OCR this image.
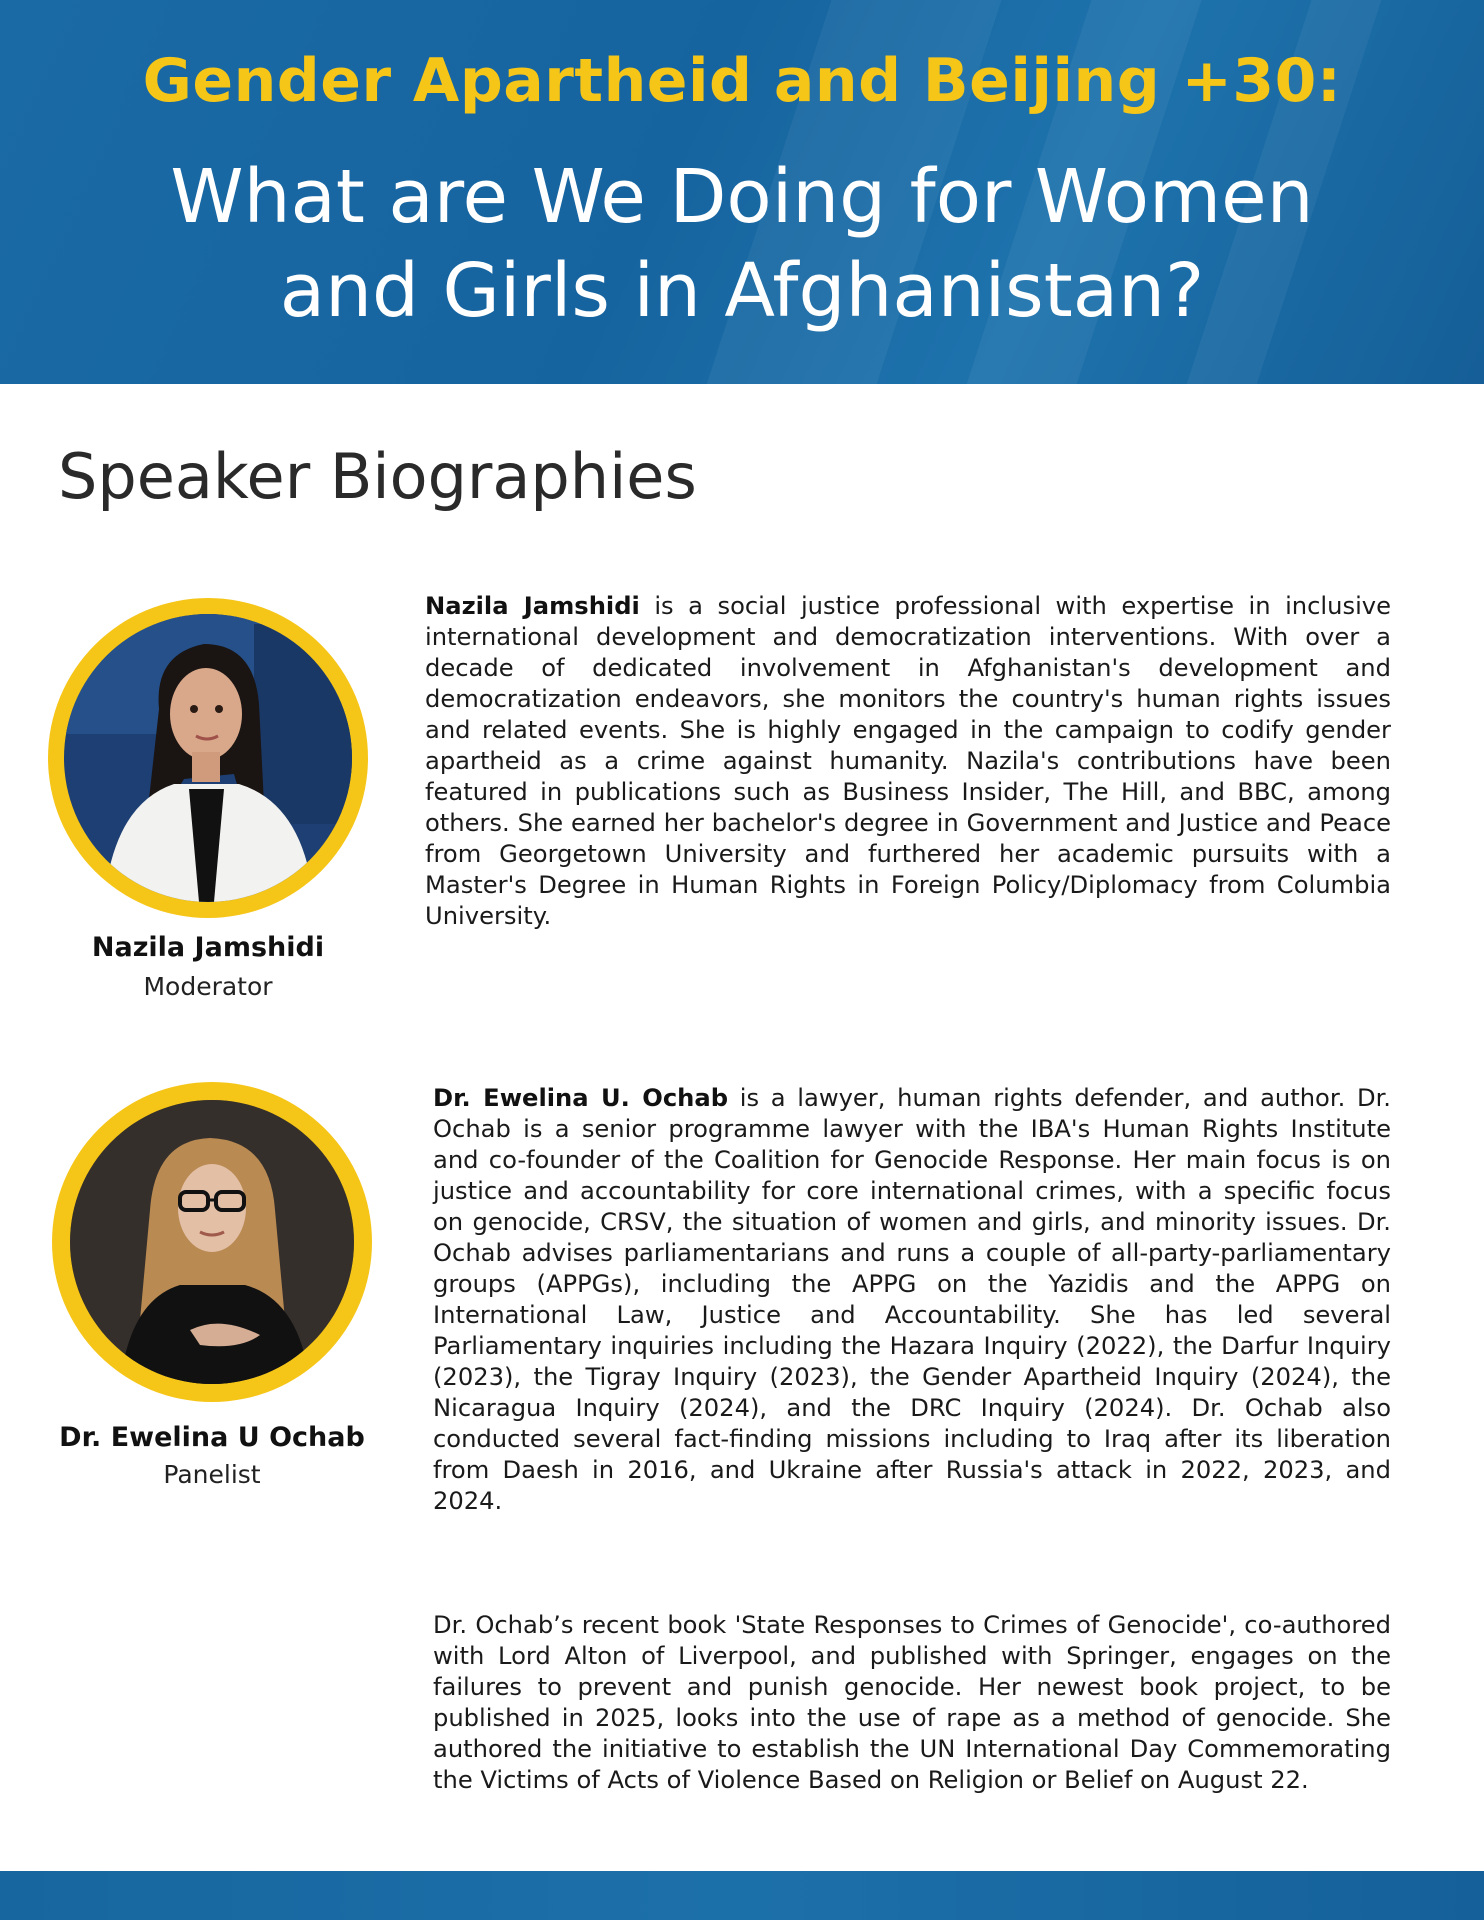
Gender Apartheid and Beijing +30:
What are We Doing for Women
and Girls in Afghanistan?
Speaker Biographies
Nazila Jamshidi
Moderator

Nazila Jamshidi is a social justice professional with expertise in inclusive international development and democratization interventions. With over a decade of dedicated involvement in Afghanistan's development and democratization endeavors, she monitors the country's human rights issues and related events. She is highly engaged in the campaign to codify gender apartheid as a crime against humanity. Nazila's contributions have been featured in publications such as Business Insider, The Hill, and BBC, among others. She earned her bachelor's degree in Government and Justice and Peace from Georgetown University and furthered her academic pursuits with a Master's Degree in Human Rights in Foreign Policy/Diplomacy from Columbia University.

Dr. Ewelina U Ochab
Panelist

Dr. Ewelina U. Ochab is a lawyer, human rights defender, and author. Dr. Ochab is a senior programme lawyer with the IBA's Human Rights Institute and co-founder of the Coalition for Genocide Response. Her main focus is on justice and accountability for core international crimes, with a specific focus on genocide, CRSV, the situation of women and girls, and minority issues. Dr. Ochab advises parliamentarians and runs a couple of all-party-parliamentary groups (APPGs), including the APPG on the Yazidis and the APPG on International Law, Justice and Accountability. She has led several Parliamentary inquiries including the Hazara Inquiry (2022), the Darfur Inquiry (2023), the Tigray Inquiry (2023), the Gender Apartheid Inquiry (2024), the Nicaragua Inquiry (2024), and the DRC Inquiry (2024). Dr. Ochab also conducted several fact-finding missions including to Iraq after its liberation from Daesh in 2016, and Ukraine after Russia's attack in 2022, 2023, and 2024.

Dr. Ochab’s recent book 'State Responses to Crimes of Genocide', co-authored with Lord Alton of Liverpool, and published with Springer, engages on the failures to prevent and punish genocide. Her newest book project, to be published in 2025, looks into the use of rape as a method of genocide. She authored the initiative to establish the UN International Day Commemorating the Victims of Acts of Violence Based on Religion or Belief on August 22.
